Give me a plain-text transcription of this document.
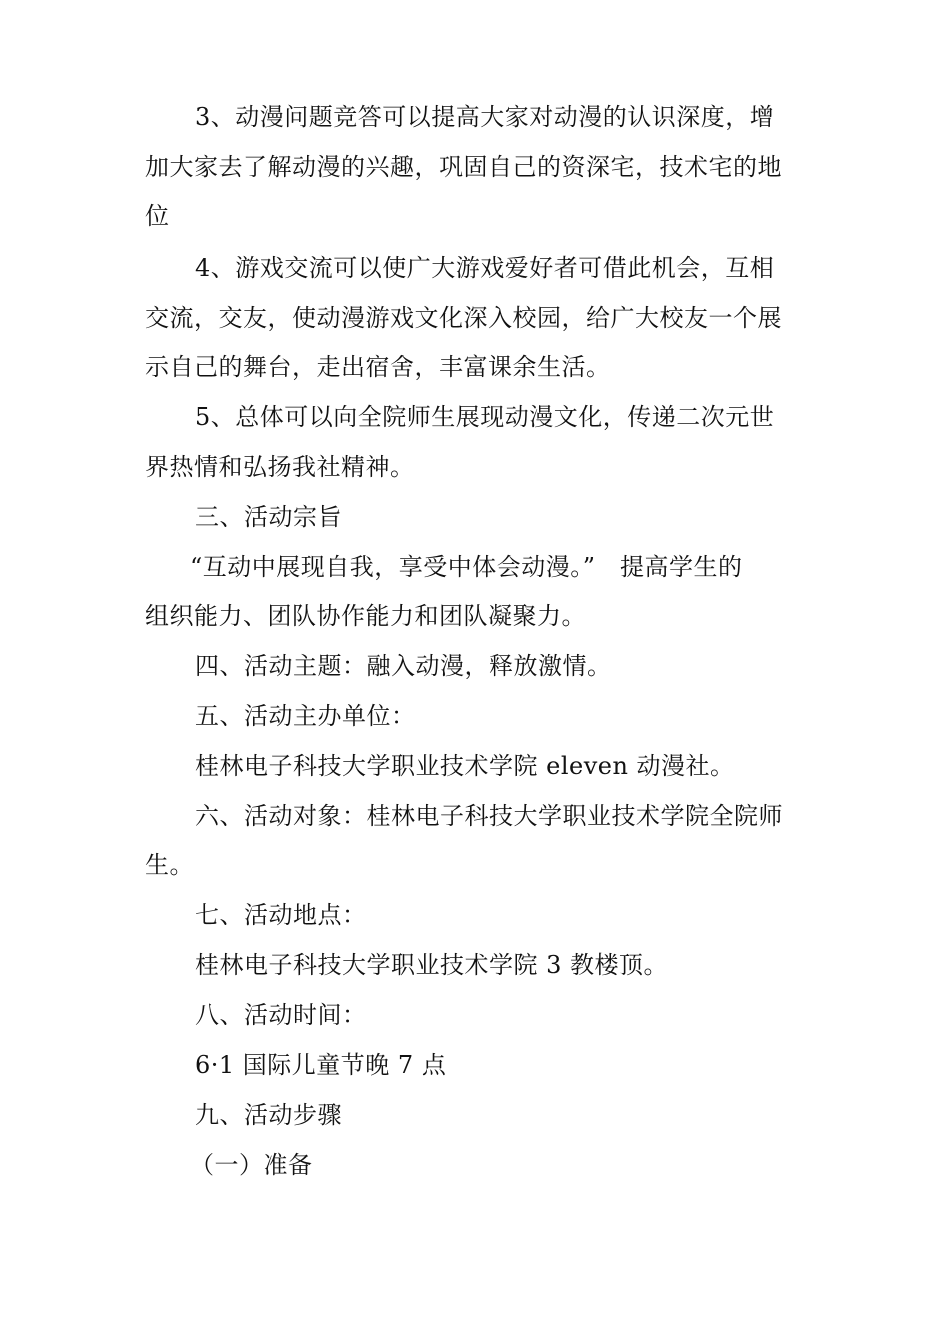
3、动漫问题竞答可以提高大家对动漫的认识深度，增
加大家去了解动漫的兴趣，巩固自己的资深宅，技术宅的地
位
4、游戏交流可以使广大游戏爱好者可借此机会，互相
交流，交友，使动漫游戏文化深入校园，给广大校友一个展
示自己的舞台，走出宿舍，丰富课余生活。
5、总体可以向全院师生展现动漫文化，传递二次元世
界热情和弘扬我社精神。
三、活动宗旨
“互动中展现自我，享受中体会动漫。”　提高学生的
组织能力、团队协作能力和团队凝聚力。
四、活动主题：融入动漫，释放激情。
五、活动主办单位：
桂林电子科技大学职业技术学院 eleven 动漫社。
六、活动对象：桂林电子科技大学职业技术学院全院师
生。
七、活动地点：
桂林电子科技大学职业技术学院 3 教楼顶。
八、活动时间：
6·1 国际儿童节晚 7 点
九、活动步骤
（一）准备
